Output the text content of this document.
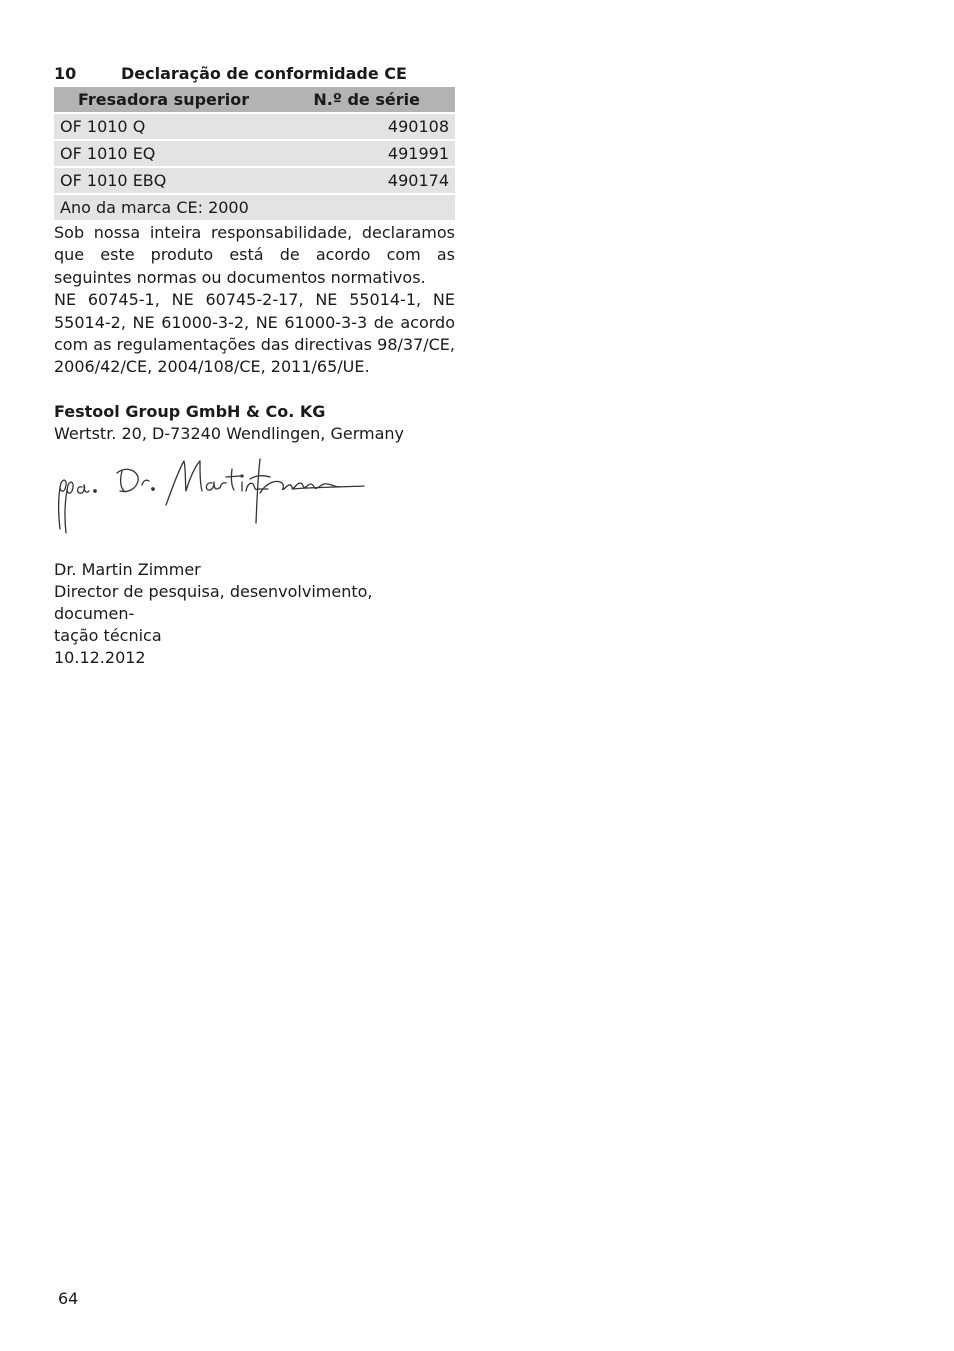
10	Declaração de conformidade CE
Fresadora superior	N.º de série
OF 1010 Q	490108
OF 1010 EQ	491991
OF 1010 EBQ	490174
Ano da marca CE: 2000	

Sob nossa inteira responsabilidade, declaramos que este produto está de acordo com as seguintes normas ou documentos normativos.

NE 60745-1, NE 60745-2-17, NE 55014-1, NE 55014-2, NE 61000-3-2, NE 61000-3-3 de acordo com as regulamentações das directivas 98/37/CE, 2006/42/CE, 2004/108/CE, 2011/65/UE.

Festool Group GmbH & Co. KG
Wertstr. 20, D-73240 Wendlingen, Germany
Dr. Martin Zimmer
Director de pesquisa, desenvolvimento, documen-
tação técnica
10.12.2012
64
